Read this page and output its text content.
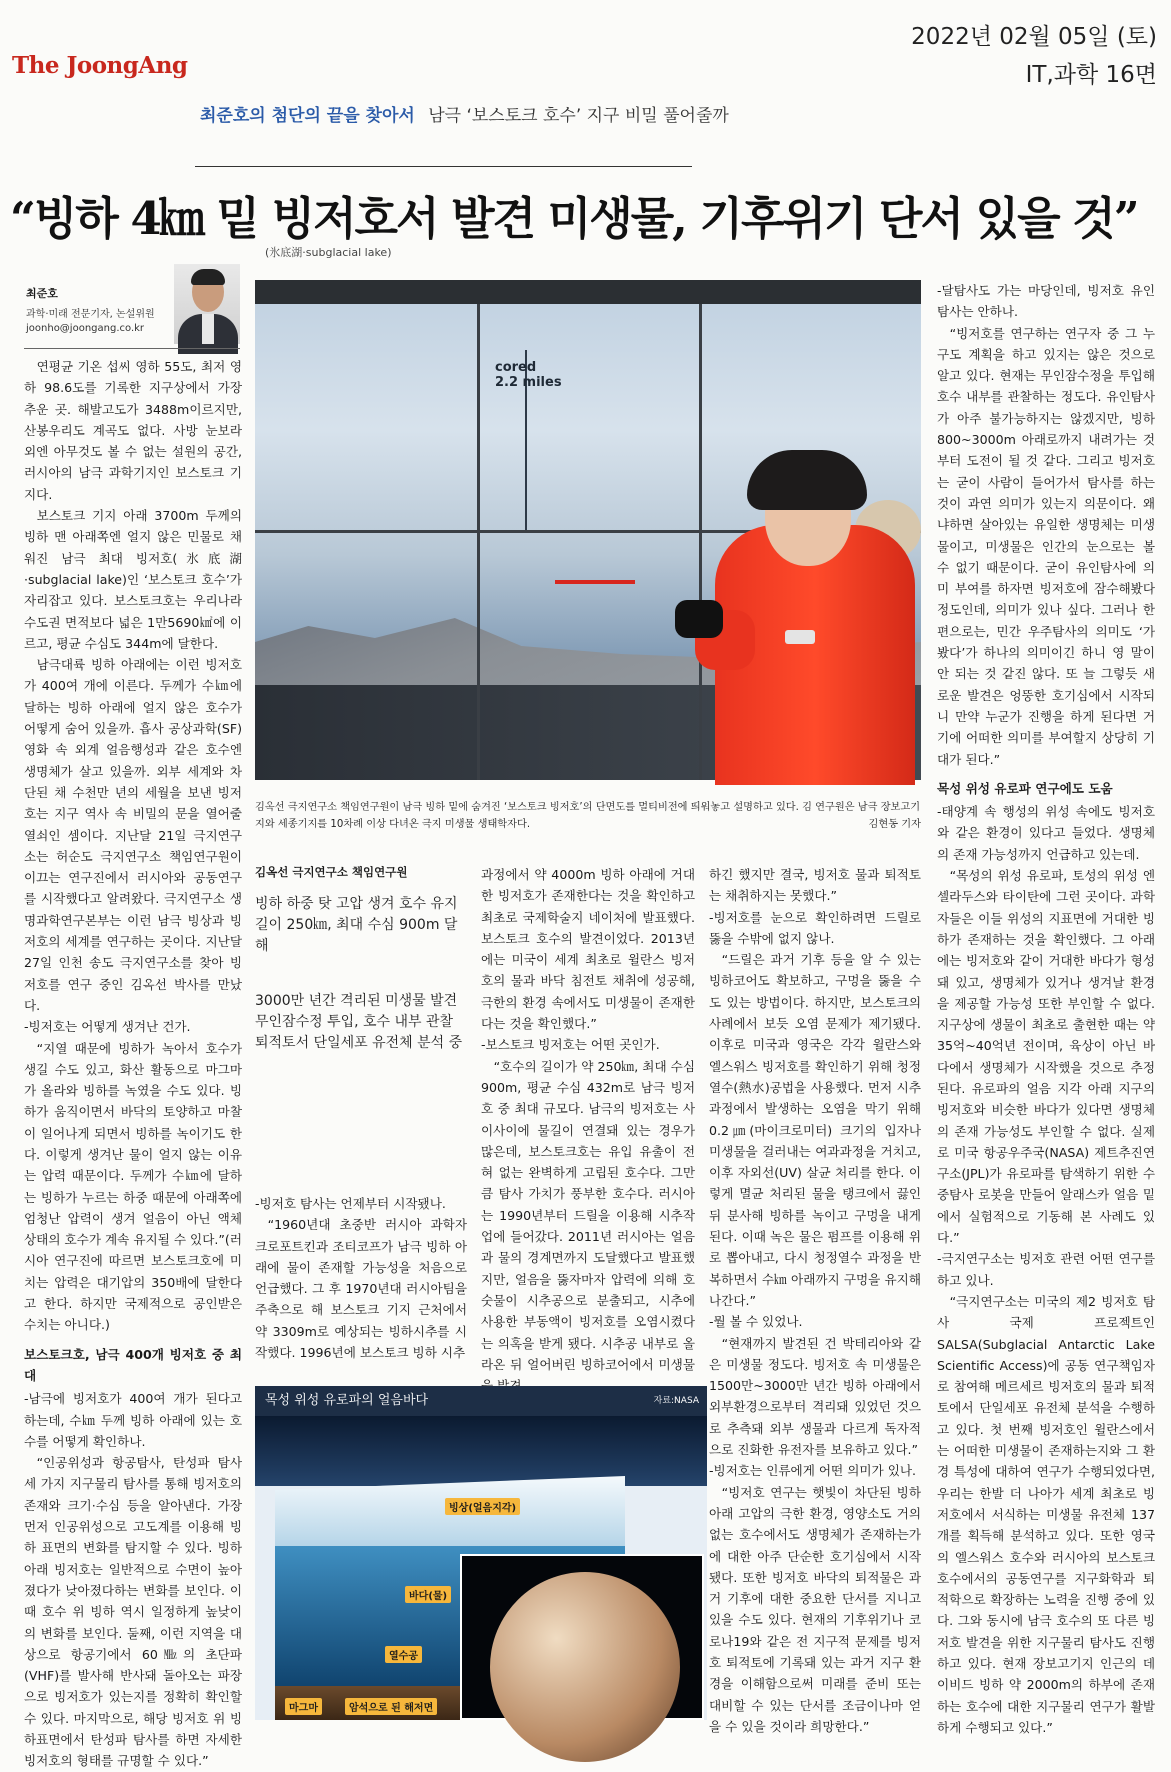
The JoongAng
2022년 02월 05일 (토)
IT,과학 16면
최준호의 첨단의 끝을 찾아서 남극 ‘보스토크 호수’ 지구 비밀 풀어줄까
“빙하 4㎞ 밑 빙저호서 발견 미생물, 기후위기 단서 있을 것”
(氷底湖·subglacial lake)
최준호
과학·미래 전문기자, 논설위원
joonho@joongang.co.kr

연평균 기온 섭씨 영하 55도, 최저 영하 98.6도를 기록한 지구상에서 가장 추운 곳. 해발고도가 3488m이르지만, 산봉우리도 계곡도 없다. 사방 눈보라 외엔 아무것도 볼 수 없는 설원의 공간, 러시아의 남극 과학기지인 보스토크 기지다.

보스토크 기지 아래 3700m 두께의 빙하 맨 아래쪽엔 얼지 않은 민물로 채워진 남극 최대 빙저호(氷底湖·subglacial lake)인 ‘보스토크 호수’가 자리잡고 있다. 보스토크호는 우리나라 수도권 면적보다 넓은 1만5690㎢에 이르고, 평균 수심도 344m에 달한다.

남극대륙 빙하 아래에는 이런 빙저호가 400여 개에 이른다. 두께가 수㎞에 달하는 빙하 아래에 얼지 않은 호수가 어떻게 숨어 있을까. 흡사 공상과학(SF) 영화 속 외계 얼음행성과 같은 호수엔 생명체가 살고 있을까. 외부 세계와 차단된 채 수천만 년의 세월을 보낸 빙저호는 지구 역사 속 비밀의 문을 열어줄 열쇠인 셈이다. 지난달 21일 극지연구소는 허순도 극지연구소 책임연구원이 이끄는 연구진에서 러시아와 공동연구를 시작했다고 알려왔다. 극지연구소 생명과학연구본부는 이런 남극 빙상과 빙저호의 세계를 연구하는 곳이다. 지난달 27일 인천 송도 극지연구소를 찾아 빙저호를 연구 중인 김옥선 박사를 만났다.

-빙저호는 어떻게 생겨난 건가.

“지열 때문에 빙하가 녹아서 호수가 생길 수도 있고, 화산 활동으로 마그마가 올라와 빙하를 녹였을 수도 있다. 빙하가 움직이면서 바닥의 토양하고 마찰이 일어나게 되면서 빙하를 녹이기도 한다. 이렇게 생겨난 물이 얼지 않는 이유는 압력 때문이다. 두께가 수㎞에 달하는 빙하가 누르는 하중 때문에 아래쪽에 엄청난 압력이 생겨 얼음이 아닌 액체 상태의 호수가 계속 유지될 수 있다.”(러시아 연구진에 따르면 보스토크호에 미치는 압력은 대기압의 350배에 달한다고 한다. 하지만 국제적으로 공인받은 수치는 아니다.)

보스토크호, 남극 400개 빙저호 중 최대

-남극에 빙저호가 400여 개가 된다고 하는데, 수㎞ 두께 빙하 아래에 있는 호수를 어떻게 확인하나.

“인공위성과 항공탐사, 탄성파 탐사 세 가지 지구물리 탐사를 통해 빙저호의 존재와 크기·수심 등을 알아낸다. 가장 먼저 인공위성으로 고도계를 이용해 빙하 표면의 변화를 탐지할 수 있다. 빙하 아래 빙저호는 일반적으로 수면이 높아졌다가 낮아졌다하는 변화를 보인다. 이때 호수 위 빙하 역시 일정하게 높낮이의 변화를 보인다. 둘째, 이런 지역을 대상으로 항공기에서 60㎒의 초단파(VHF)를 발사해 반사돼 돌아오는 파장으로 빙저호가 있는지를 정확히 확인할 수 있다. 마지막으로, 해당 빙저호 위 빙하표면에서 탄성파 탐사를 하면 자세한 빙저호의 형태를 규명할 수 있다.”

cored
2.2 miles
김옥선 극지연구소 책임연구원이 남극 빙하 밑에 숨겨진 ‘보스토크 빙저호’의 단면도를 멀티비전에 띄워놓고 설명하고 있다. 김 연구원은 남극 장보고기지와 세종기지를 10차례 이상 다녀온 극지 미생물 생태학자다.	김현동 기자
김옥선 극지연구소 책임연구원
빙하 하중 탓 고압 생겨 호수 유지 길이 250㎞, 최대 수심 900m 달해
3000만 년간 격리된 미생물 발견 무인잠수정 투입, 호수 내부 관찰 퇴적토서 단일세포 유전체 분석 중

-빙저호 탐사는 언제부터 시작됐나.

“1960년대 초중반 러시아 과학자 크로포트킨과 조티코프가 남극 빙하 아래에 물이 존재할 가능성을 처음으로 언급했다. 그 후 1970년대 러시아팀을 주축으로 해 보스토크 기지 근처에서 약 3309m로 예상되는 빙하시추를 시작했다. 1996년에 보스토크 빙하 시추

과정에서 약 4000m 빙하 아래에 거대한 빙저호가 존재한다는 것을 확인하고 최초로 국제학술지 네이처에 발표했다. 보스토크 호수의 발견이었다. 2013년에는 미국이 세계 최초로 윌란스 빙저호의 물과 바닥 침전토 채취에 성공해, 극한의 환경 속에서도 미생물이 존재한다는 것을 확인했다.”

-보스토크 빙저호는 어떤 곳인가.

“호수의 길이가 약 250㎞, 최대 수심 900m, 평균 수심 432m로 남극 빙저호 중 최대 규모다. 남극의 빙저호는 사이사이에 물길이 연결돼 있는 경우가 많은데, 보스토크호는 유입 유출이 전혀 없는 완벽하게 고립된 호수다. 그만큼 탐사 가치가 풍부한 호수다. 러시아는 1990년부터 드릴을 이용해 시추작업에 들어갔다. 2011년 러시아는 얼음과 물의 경계면까지 도달했다고 발표했지만, 얼음을 뚫자마자 압력에 의해 호숫물이 시추공으로 분출되고, 시추에 사용한 부동액이 빙저호를 오염시켰다는 의혹을 받게 됐다. 시추공 내부로 올라온 뒤 얼어버린 빙하코어에서 미생물

하긴 했지만 결국, 빙저호 물과 퇴적토는 채취하지는 못했다.”

-빙저호를 눈으로 확인하려면 드릴로 뚫을 수밖에 없지 않나.

“드릴은 과거 기후 등을 알 수 있는 빙하코어도 확보하고, 구멍을 뚫을 수도 있는 방법이다. 하지만, 보스토크의 사례에서 보듯 오염 문제가 제기됐다. 이후로 미국과 영국은 각각 윌란스와 엘스워스 빙저호를 확인하기 위해 청정 열수(熱水)공법을 사용했다. 먼저 시추과정에서 발생하는 오염을 막기 위해 0.2㎛(마이크로미터) 크기의 입자나 미생물을 걸러내는 여과과정을 거치고, 이후 자외선(UV) 살균 처리를 한다. 이렇게 멸균 처리된 물을 탱크에서 끓인 뒤 분사해 빙하를 녹이고 구멍을 내게 된다. 이때 녹은 물은 펌프를 이용해 위로 뽑아내고, 다시 청정열수 과정을 반복하면서 수㎞ 아래까지 구멍을 유지해 나간다.”

-뭘 볼 수 있었나.

“현재까지 발견된 건 박테리아와 같은 미생물 정도다. 빙저호 속 미생물은 1500만~3000만 년간 빙하 아래에서 외부환경으로부터 격리돼 있었던 것으로 추측돼 외부 생물과 다르게 독자적으로 진화한 유전자를 보유하고 있다.”

-빙저호는 인류에게 어떤 의미가 있나.

“빙저호 연구는 햇빛이 차단된 빙하 아래 고압의 극한 환경, 영양소도 거의 없는 호수에서도 생명체가 존재하는가에 대한 아주 단순한 호기심에서 시작됐다. 또한 빙저호 바닥의 퇴적물은 과거 기후에 대한 중요한 단서를 지니고 있을 수도 있다. 현재의 기후위기나 코로나19와 같은 전 지구적 문제를 빙저호 퇴적토에 기록돼 있는 과거 지구 환경을 이해함으로써 미래를 준비 또는 대비할 수 있는 단서를 조금이나마 얻을 수 있을 것이라 희망한다.”

-달탐사도 가는 마당인데, 빙저호 유인탐사는 안하나.

“빙저호를 연구하는 연구자 중 그 누구도 계획을 하고 있지는 않은 것으로 알고 있다. 현재는 무인잠수정을 투입해 호수 내부를 관찰하는 정도다. 유인탐사가 아주 불가능하지는 않겠지만, 빙하 800~3000m 아래로까지 내려가는 것부터 도전이 될 것 같다. 그리고 빙저호는 굳이 사람이 들어가서 탐사를 하는 것이 과연 의미가 있는지 의문이다. 왜냐하면 살아있는 유일한 생명체는 미생물이고, 미생물은 인간의 눈으로는 볼 수 없기 때문이다. 굳이 유인탐사에 의미 부여를 하자면 빙저호에 잠수해봤다 정도인데, 의미가 있나 싶다. 그러나 한편으로는, 민간 우주탐사의 의미도 ‘가봤다’가 하나의 의미이긴 하니 영 말이 안 되는 것 같진 않다. 또 늘 그렇듯 새로운 발견은 엉뚱한 호기심에서 시작되니 만약 누군가 진행을 하게 된다면 거기에 어떠한 의미를 부여할지 상당히 기대가 된다.”

목성 위성 유로파 연구에도 도움

-태양계 속 행성의 위성 속에도 빙저호와 같은 환경이 있다고 들었다. 생명체의 존재 가능성까지 언급하고 있는데.

“목성의 위성 유로파, 토성의 위성 엔셀라두스와 타이탄에 그런 곳이다. 과학자들은 이들 위성의 지표면에 거대한 빙하가 존재하는 것을 확인했다. 그 아래에는 빙저호와 같이 거대한 바다가 형성돼 있고, 생명체가 있거나 생겨날 환경을 제공할 가능성 또한 부인할 수 없다. 지구상에 생물이 최초로 출현한 때는 약 35억~40억년 전이며, 육상이 아닌 바다에서 생명체가 시작했을 것으로 추정된다. 유로파의 얼음 지각 아래 지구의 빙저호와 비슷한 바다가 있다면 생명체의 존재 가능성도 부인할 수 없다. 실제로 미국 항공우주국(NASA) 제트추진연구소(JPL)가 유로파를 탐색하기 위한 수중탐사 로봇을 만들어 알래스카 얼음 밑에서 실험적으로 기동해 본 사례도 있다.”

-극지연구소는 빙저호 관련 어떤 연구를 하고 있나.

“극지연구소는 미국의 제2 빙저호 탐사 국제 프로젝트인 SALSA(Subglacial Antarctic Lake Scientific Access)에 공동 연구책임자로 참여해 메르세르 빙저호의 물과 퇴적토에서 단일세포 유전체 분석을 수행하고 있다. 첫 번째 빙저호인 윌란스에서는 어떠한 미생물이 존재하는지와 그 환경 특성에 대하여 연구가 수행되었다면, 우리는 한발 더 나아가 세계 최초로 빙저호에서 서식하는 미생물 유전체 137개를 획득해 분석하고 있다. 또한 영국의 엘스워스 호수와 러시아의 보스토크 호수에서의 공동연구를 지구화학과 퇴적학으로 확장하는 노력을 진행 중에 있다. 그와 동시에 남극 호수의 또 다른 빙저호 발견을 위한 지구물리 탐사도 진행하고 있다. 현재 장보고기지 인근의 데이비드 빙하 약 2000m의 하부에 존재하는 호수에 대한 지구물리 연구가 활발하게 수행되고 있다.”

목성 위성 유로파의 얼음바다	자료:NASA
빙상(얼음지각)
바다(물)
열수공
마그마	암석으로 된 해저면
